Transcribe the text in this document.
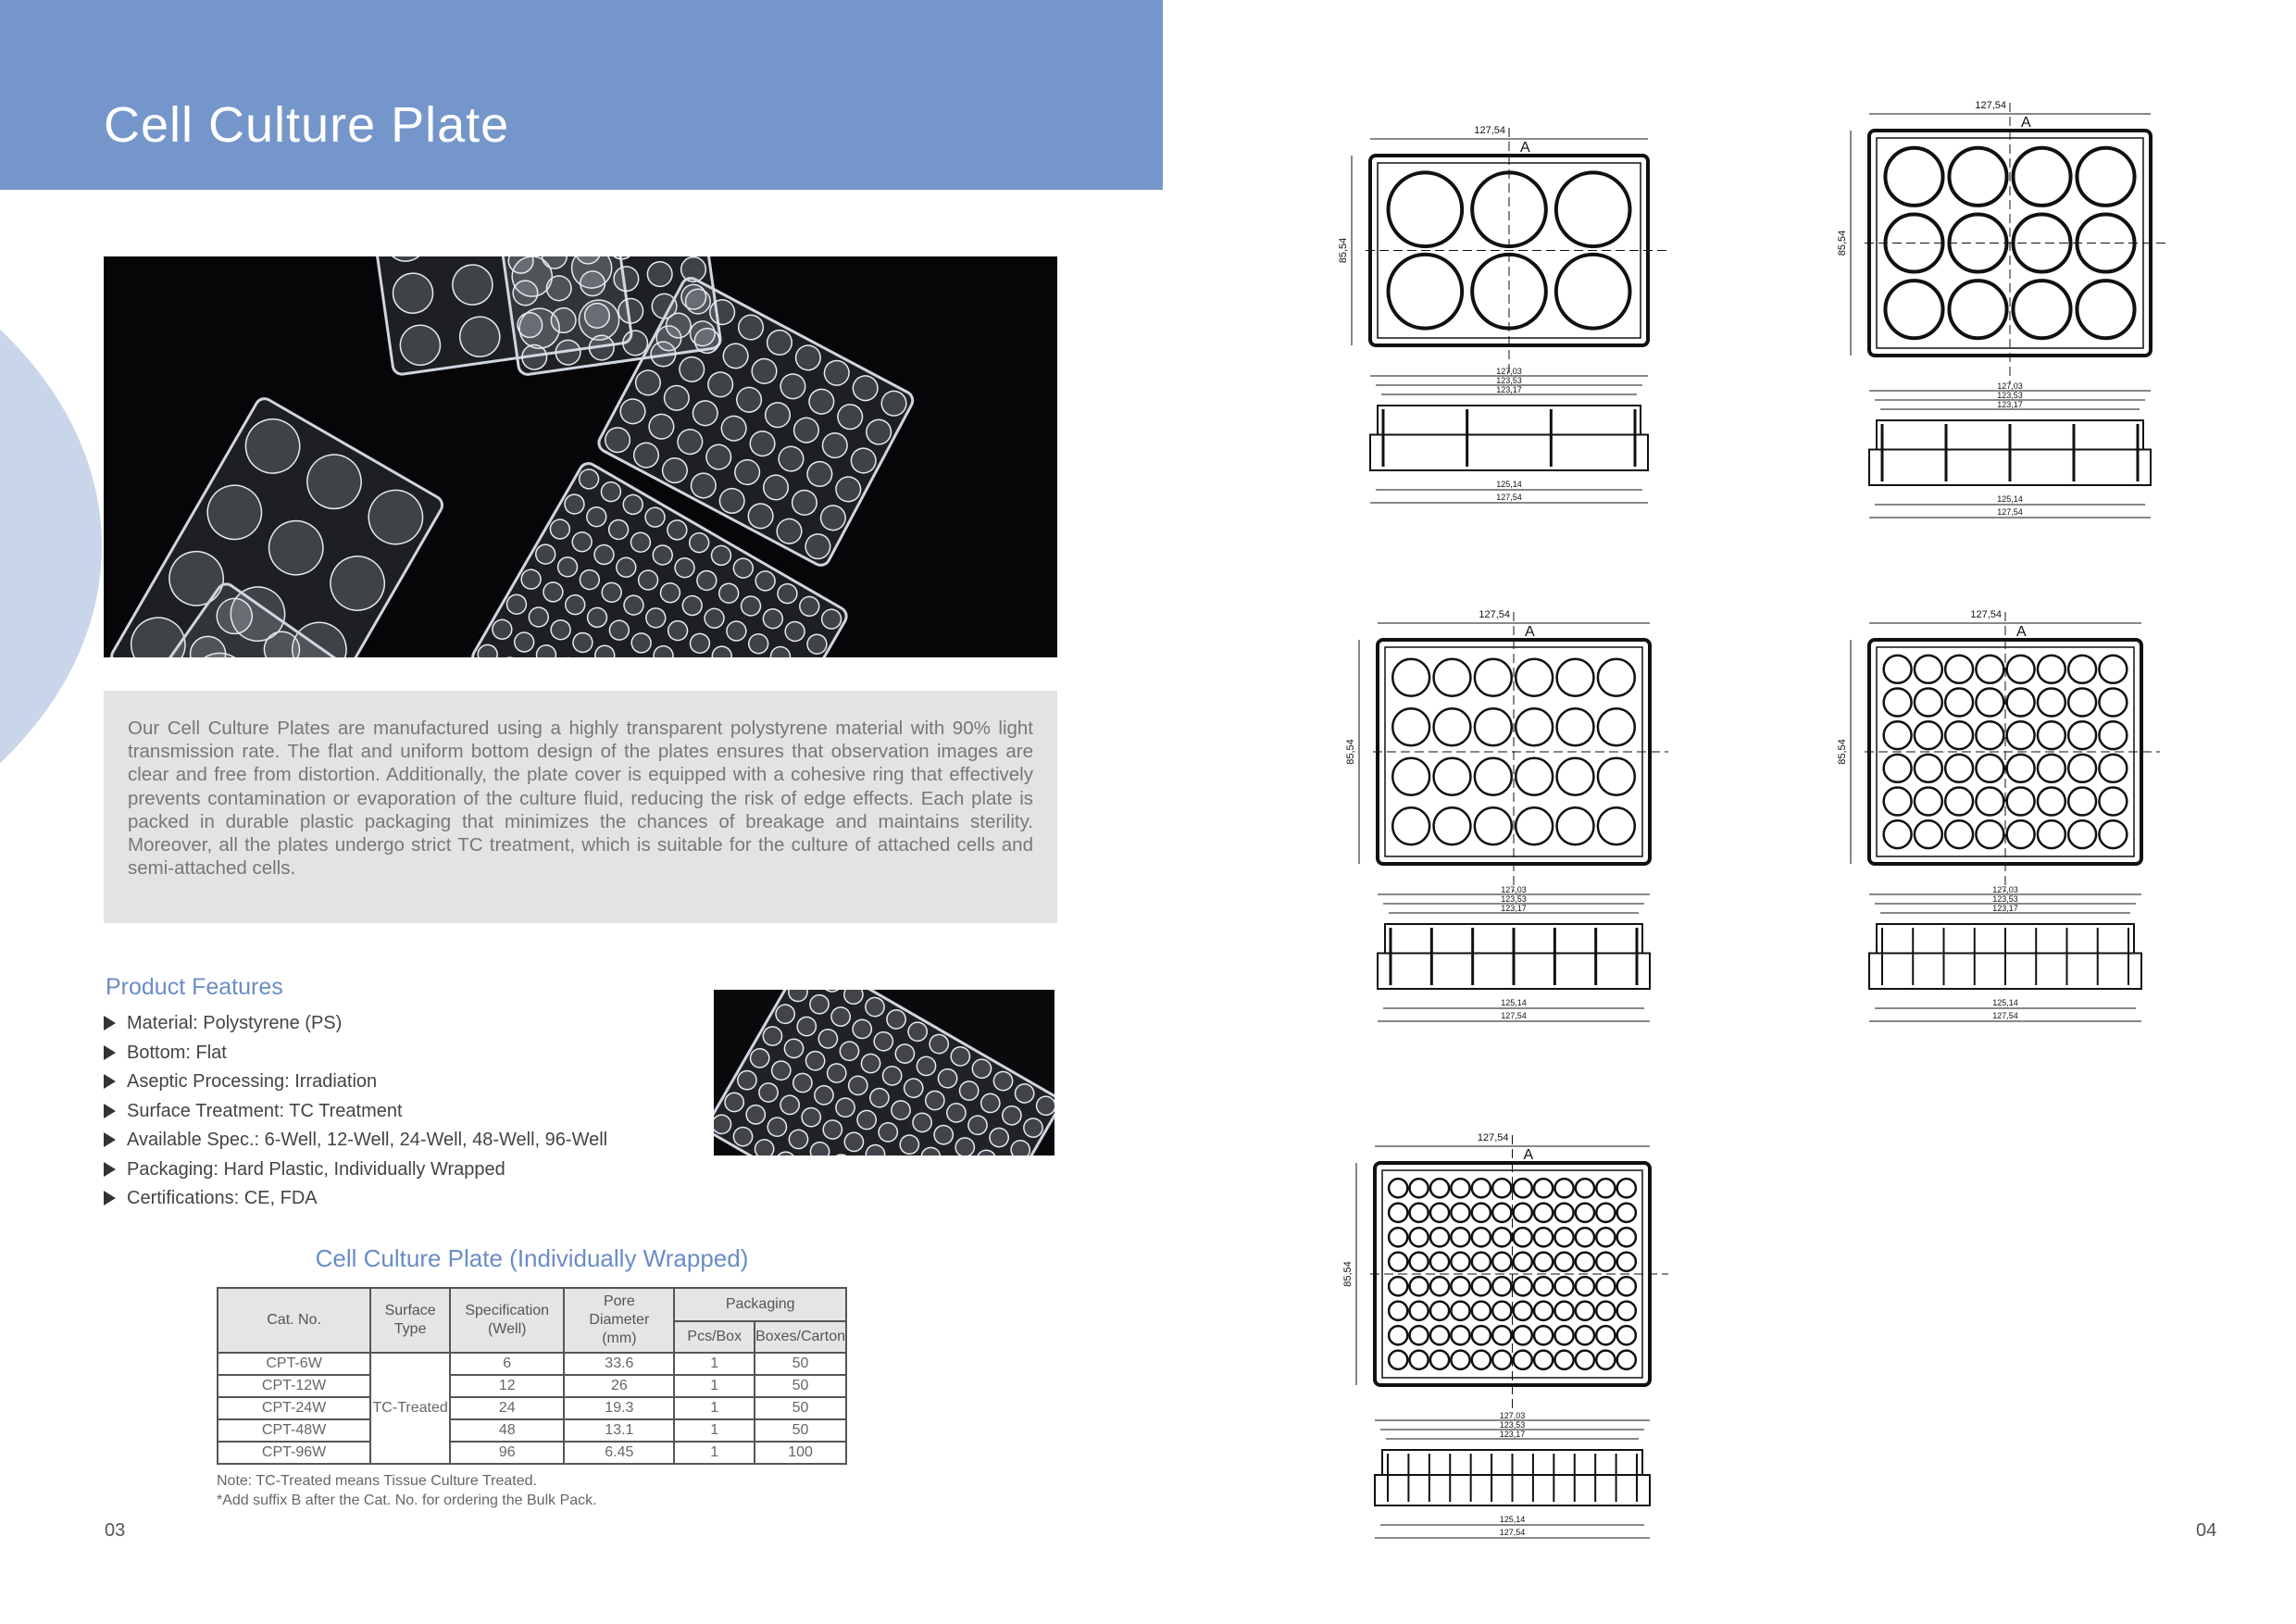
Cell Culture Plate
Our Cell Culture Plates are manufactured using a highly transparent polystyrene material with 90% light transmission rate. The flat and uniform bottom design of the plates ensures that observation images are clear and free from distortion. Additionally, the plate cover is equipped with a cohesive ring that effectively prevents contamination or evaporation of the culture fluid, reducing the risk of edge effects. Each plate is packed in durable plastic packaging that minimizes the chances of breakage and maintains sterility. Moreover, all the plates undergo strict TC treatment, which is suitable for the culture of attached cells and semi-attached cells.
Product Features
Material: Polystyrene (PS)
Bottom: Flat
Aseptic Processing: Irradiation
Surface Treatment: TC Treatment
Available Spec.: 6-Well, 12-Well, 24-Well, 48-Well, 96-Well
Packaging: Hard Plastic, Individually Wrapped
Certifications: CE, FDA
Cell Culture Plate (Individually Wrapped)
Cat. No.	Surface Type	Specification (Well)	Pore Diameter (mm)	Packaging	
				Pcs/Box	Boxes/Carton
CPT-6W	TC-Treated	6	33.6	1	50
CPT-12W		12	26	1	50
CPT-24W		24	19.3	1	50
CPT-48W		48	13.1	1	50
CPT-96W		96	6.45	1	100
Note: TC-Treated means Tissue Culture Treated.
*Add suffix B after the Cat. No. for ordering the Bulk Pack.
03	04
127,54
A
85,54
127,03
123,53
123,17
125,14
127,54
127,54
A
85,54
127,03
123,53
123,17
125,14
127,54
127,54
A
85,54
127,03
123,53
123,17
125,14
127,54
127,54
A
85,54
127,03
123,53
123,17
125,14
127,54
127,54
A
85,54
127,03
123,53
123,17
125,14
127,54
